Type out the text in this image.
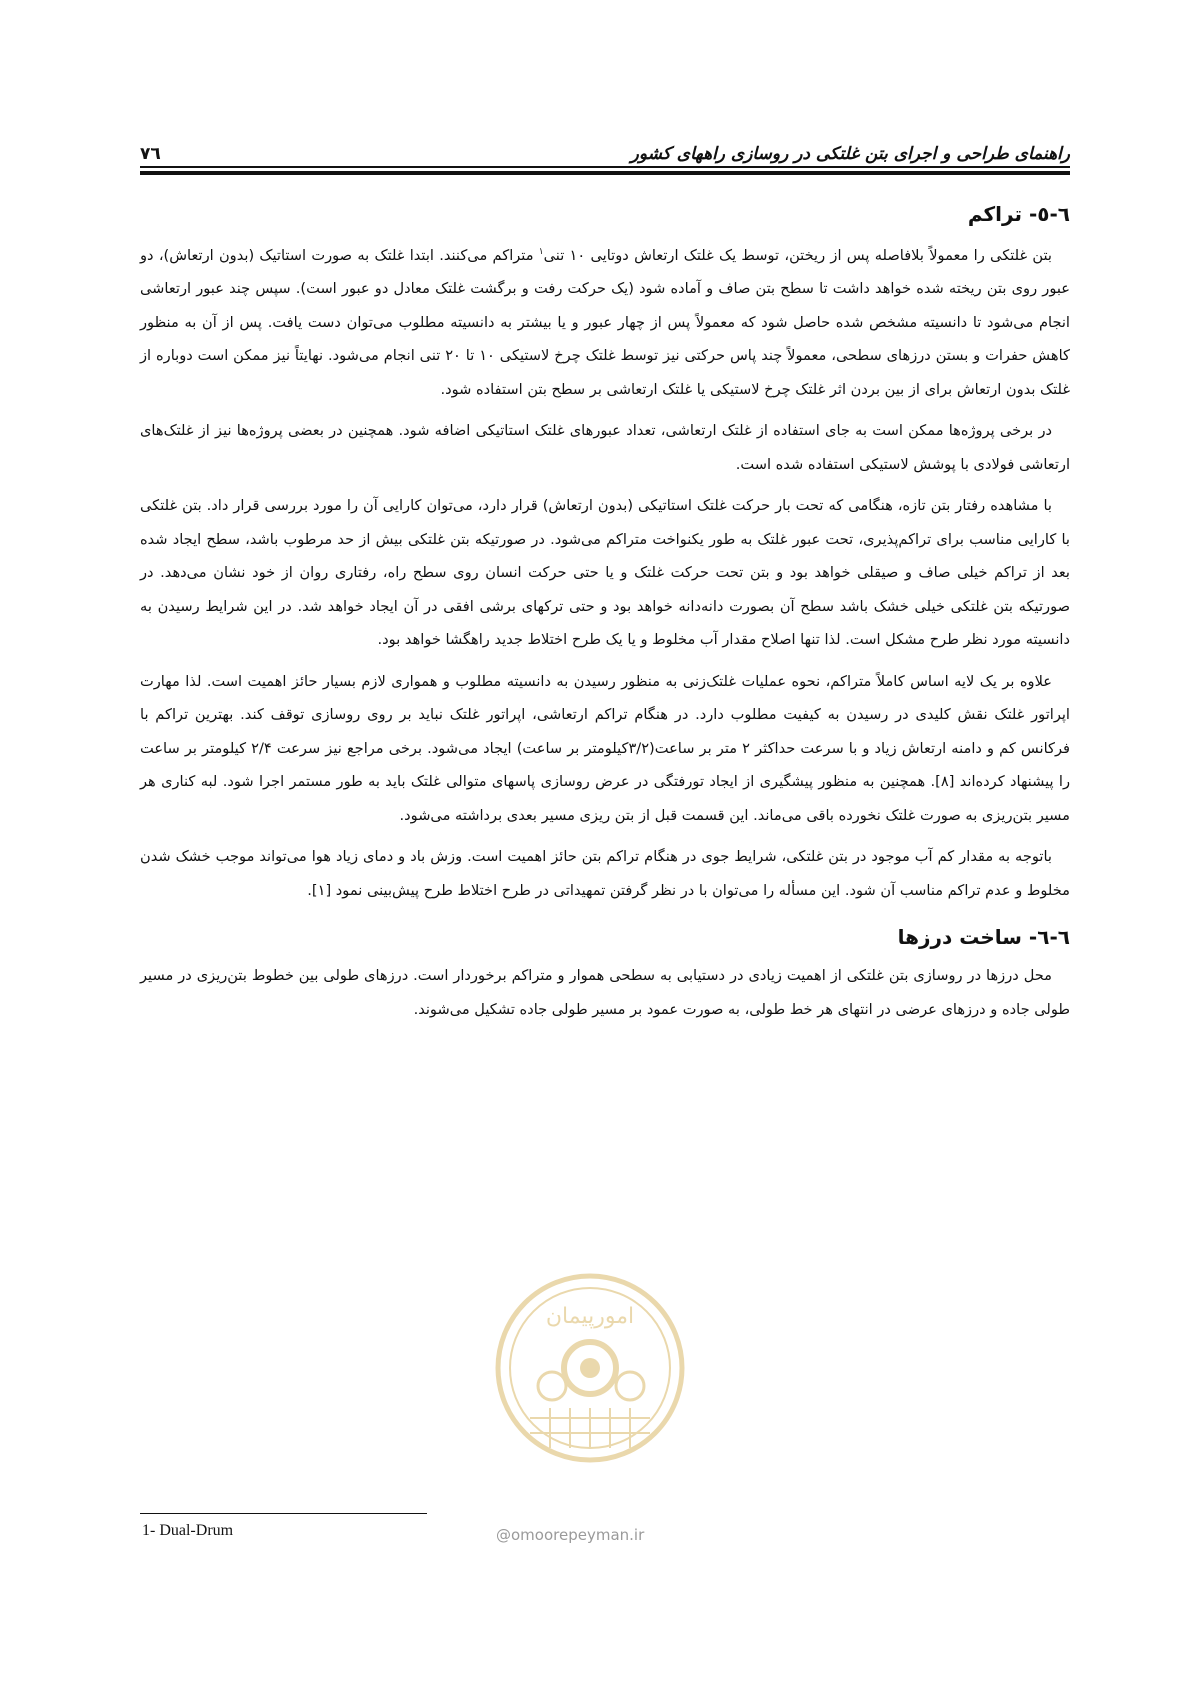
راهنمای طراحی و اجرای بتن غلتکی در روسازی راههای کشور
٧٦
٦-٥- تراکم

بتن غلتکی را معمولاً بلافاصله پس از ریختن، توسط یک غلتک ارتعاش دوتایی ١٠ تنی$^١$ متراکم می‌کنند. ابتدا غلتک به صورت استاتیک (بدون ارتعاش)، دو عبور روی بتن ریخته شده خواهد داشت تا سطح بتن صاف و آماده شود (یک حرکت رفت و برگشت غلتک معادل دو عبور است). سپس چند عبور ارتعاشی انجام می‌شود تا دانسیته مشخص شده حاصل شود که معمولاً پس از چهار عبور و یا بیشتر به دانسیته مطلوب می‌توان دست یافت. پس از آن به منظور کاهش حفرات و بستن درزهای سطحی، معمولاً چند پاس حرکتی نیز توسط غلتک چرخ لاستیکی ١٠ تا ٢٠ تنی انجام می‌شود. نهایتاً نیز ممکن است دوباره از غلتک بدون ارتعاش برای از بین بردن اثر غلتک چرخ لاستیکی یا غلتک ارتعاشی بر سطح بتن استفاده شود.

در برخی پروژه‌ها ممکن است به جای استفاده از غلتک ارتعاشی، تعداد عبورهای غلتک استاتیکی اضافه شود. همچنین در بعضی پروژه‌ها نیز از غلتک‌های ارتعاشی فولادی با پوشش لاستیکی استفاده شده است.

با مشاهده رفتار بتن تازه، هنگامی که تحت بار حرکت غلتک استاتیکی (بدون ارتعاش) قرار دارد، می‌توان کارایی آن را مورد بررسی قرار داد. بتن غلتکی با کارایی مناسب برای تراکم‌پذیری، تحت عبور غلتک به طور یکنواخت متراکم می‌شود. در صورتیکه بتن غلتکی بیش از حد مرطوب باشد، سطح ایجاد شده بعد از تراکم خیلی صاف و صیقلی خواهد بود و بتن تحت حرکت غلتک و یا حتی حرکت انسان روی سطح راه، رفتاری روان از خود نشان می‌دهد. در صورتیکه بتن غلتکی خیلی خشک باشد سطح آن بصورت دانه‌دانه خواهد بود و حتی ترکهای برشی افقی در آن ایجاد خواهد شد. در این شرایط رسیدن به دانسیته مورد نظر طرح مشکل است. لذا تنها اصلاح مقدار آب مخلوط و یا یک طرح اختلاط جدید راهگشا خواهد بود.

علاوه بر یک لایه اساس کاملاً متراکم، نحوه عملیات غلتک‌زنی به منظور رسیدن به دانسیته مطلوب و همواری لازم بسیار حائز اهمیت است. لذا مهارت اپراتور غلتک نقش کلیدی در رسیدن به کیفیت مطلوب دارد. در هنگام تراکم ارتعاشی، اپراتور غلتک نباید بر روی روسازی توقف کند. بهترین تراکم با فرکانس کم و دامنه ارتعاش زیاد و با سرعت حداکثر ٢ متر بر ساعت(٣/٢کیلومتر بر ساعت) ایجاد می‌شود. برخی مراجع نیز سرعت ٢/۴ کیلومتر بر ساعت را پیشنهاد کرده‌اند [٨]. همچنین به منظور پیشگیری از ایجاد تورفتگی در عرض روسازی پاسهای متوالی غلتک باید به طور مستمر اجرا شود. لبه کناری هر مسیر بتن‌ریزی به صورت غلتک نخورده باقی می‌ماند. این قسمت قبل از بتن ریزی مسیر بعدی برداشته می‌شود.

باتوجه به مقدار کم آب موجود در بتن غلتکی، شرایط جوی در هنگام تراکم بتن حائز اهمیت است. وزش باد و دمای زیاد هوا می‌تواند موجب خشک شدن مخلوط و عدم تراکم مناسب آن شود. این مسأله را می‌توان با در نظر گرفتن تمهیداتی در طرح اختلاط طرح پیش‌بینی نمود [١].

٦-٦- ساخت درزها

محل درزها در روسازی بتن غلتکی از اهمیت زیادی در دستیابی به سطحی هموار و متراکم برخوردار است. درزهای طولی بین خطوط بتن‌ریزی در مسیر طولی جاده و درزهای عرضی در انتهای هر خط طولی، به صورت عمود بر مسیر طولی جاده تشکیل می‌شوند.

امورپیمان
@omoorepeyman.ir
1- Dual-Drum
